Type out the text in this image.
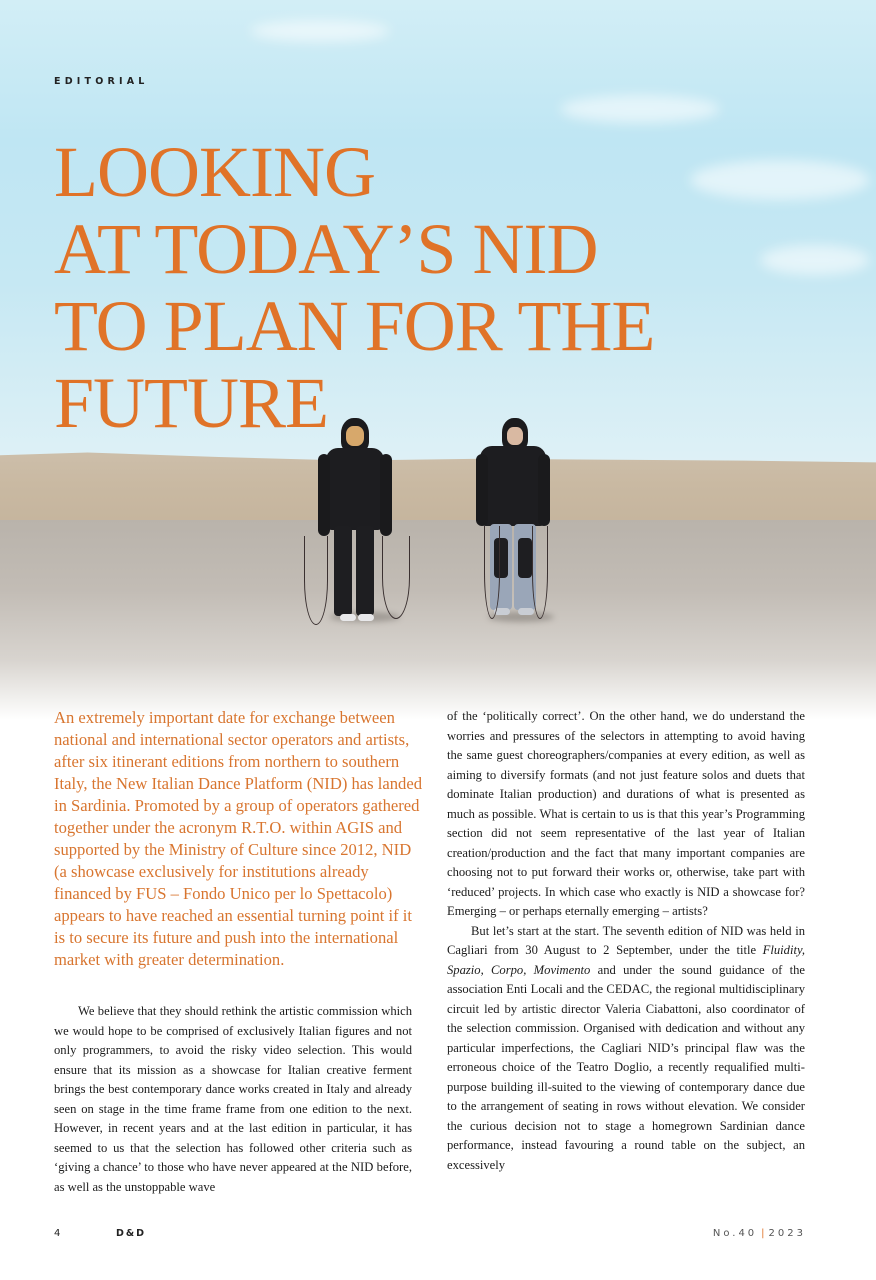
EDITORIAL
LOOKING
AT TODAY’S NID
TO PLAN FOR THE
FUTURE

An extremely important date for exchange between national and international sector operators and artists, after six itinerant editions from northern to southern Italy, the New Italian Dance Platform (NID) has landed in Sardinia. Promoted by a group of operators gathered together under the acronym R.T.O. within AGIS and supported by the Ministry of Culture since 2012, NID (a showcase exclusively for institutions already financed by FUS – Fondo Unico per lo Spettacolo) appears to have reached an essential turning point if it is to secure its future and push into the international market with greater determination.

We believe that they should rethink the artistic commission which we would hope to be comprised of exclusively Italian figures and not only programmers, to avoid the risky video selection. This would ensure that its mission as a showcase for Italian creative ferment brings the best contemporary dance works created in Italy and already seen on stage in the time frame frame from one edition to the next. However, in recent years and at the last edition in particular, it has seemed to us that the selection has followed other criteria such as ‘giving a chance’ to those who have never appeared at the NID before, as well as the unstoppable wave

of the ‘politically correct’. On the other hand, we do understand the worries and pressures of the selectors in attempting to avoid having the same guest choreographers/companies at every edition, as well as aiming to diversify formats (and not just feature solos and duets that dominate Italian production) and durations of what is presented as much as possible. What is certain to us is that this year’s Programming section did not seem representative of the last year of Italian creation/production and the fact that many important companies are choosing not to put forward their works or, otherwise, take part with ‘reduced’ projects. In which case who exactly is NID a showcase for? Emerging – or perhaps eternally emerging – artists?

But let’s start at the start. The seventh edition of NID was held in Cagliari from 30 August to 2 September, under the title Fluidity, Spazio, Corpo, Movimento and under the sound guidance of the association Enti Locali and the CEDAC, the regional multidisciplinary circuit led by artistic director Valeria Ciabattoni, also coordinator of the selection commission. Organised with dedication and without any particular imperfections, the Cagliari NID’s principal flaw was the erroneous choice of the Teatro Doglio, a recently requalified multi-purpose building ill-suited to the viewing of contemporary dance due to the arrangement of seating in rows without elevation. We consider the curious decision not to stage a homegrown Sardinian dance performance, instead favouring a round table on the subject, an excessively

4	D&D	No.40 | 2023
